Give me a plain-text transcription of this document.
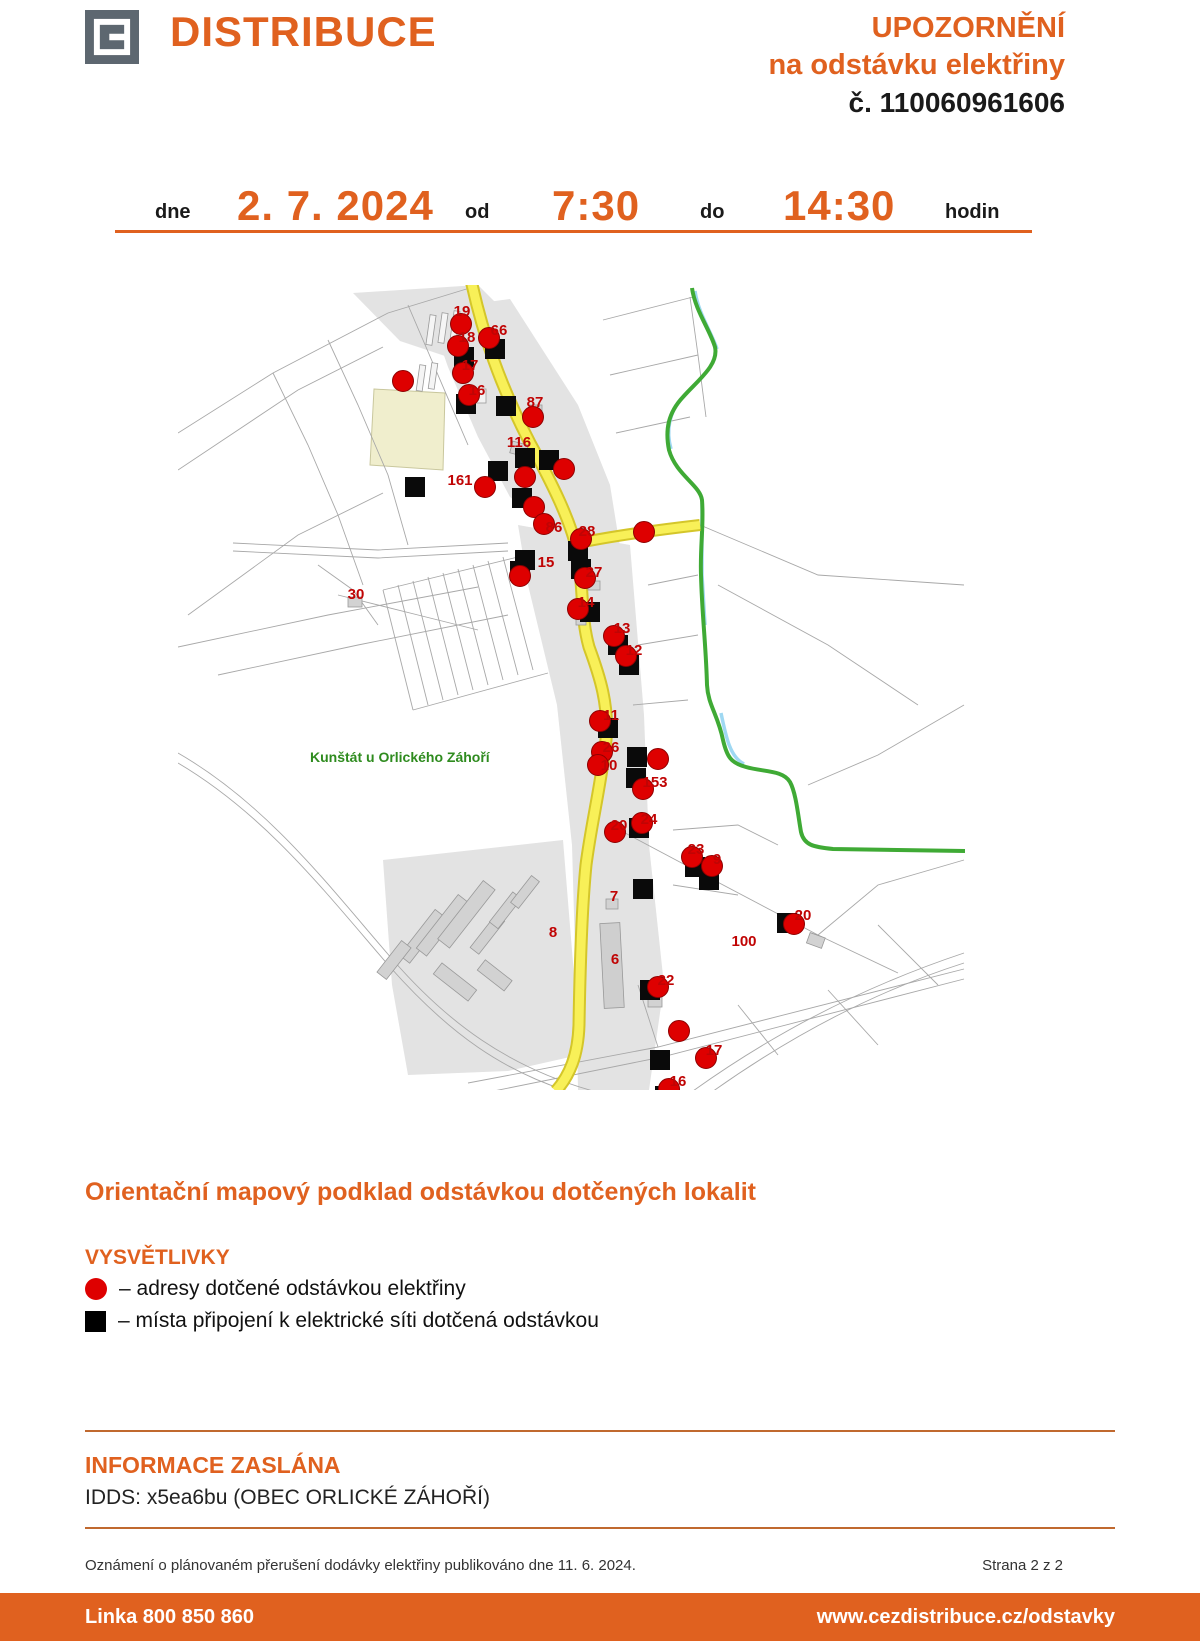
DISTRIBUCE	UPOZORNĚNÍ
na odstávku elektřiny
č. 110060961606
dne 2. 7. 2024 od 7:30	do 14:30 hodin
19
18 66
17
16
87
116
161
86 28
15
27
30	14
13
12
11
26
10
153
24
20
23
9
7
8
6
20
100
22
17
16
Kunštát u Orlického Záhoří
Orientační mapový podklad odstávkou dotčených lokalit
VYSVĚTLIVKY
– adresy dotčené odstávkou elektřiny
– místa připojení k elektrické síti dotčená odstávkou
INFORMACE ZASLÁNA
IDDS: x5ea6bu (OBEC ORLICKÉ ZÁHOŘÍ)
Oznámení o plánovaném přerušení dodávky elektřiny publikováno dne 11. 6. 2024.	Strana 2 z 2
Linka 800 850 860	www.cezdistribuce.cz/odstavky
